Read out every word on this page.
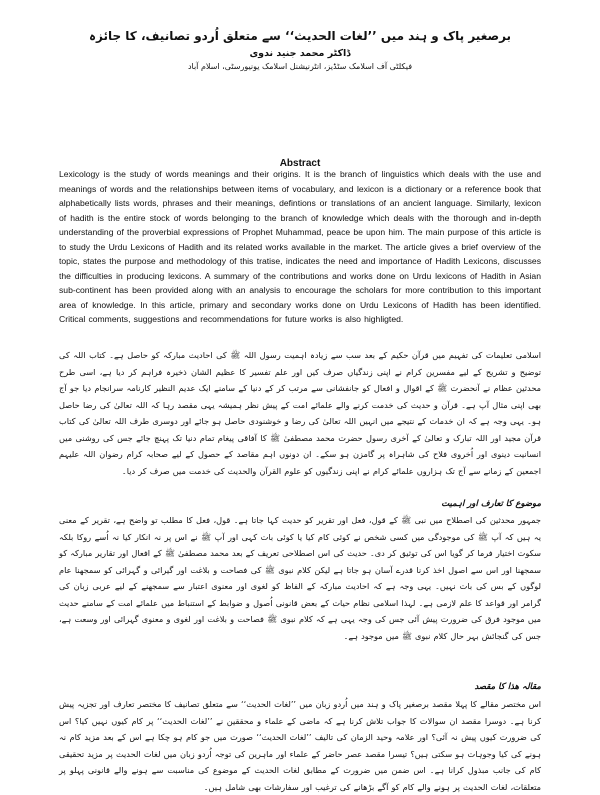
برصغیر پاک و ہند میں ’’لغات الحدیث‘‘ سے متعلق اُردو تصانیف، کا جائزہ
ڈاکٹر محمد جنید ندوی
فیکلٹی آف اسلامک سٹڈیز، انٹرنیشنل اسلامک یونیورسٹی، اسلام آباد
Abstract
Lexicology is the study of words meanings and their origins. It is the branch of linguistics which deals with the use and meanings of words and the relationships between items of vocabulary, and lexicon is a dictionary or a reference book that alphabetically lists words, phrases and their meanings, defintions or translations of an ancient language. Similarly, lexicon of hadith is the entire stock of words belonging to the branch of knowledge which deals with the thorough and in-depth understanding of the proverbial expressions of Prophet Muhammad, peace be upon him. The main purpose of this article is to study the Urdu Lexicons of Hadith and its related works available in the market. The article gives a brief overview of the topic, states the purpose and methodology of this tratise, indicates the need and importance of Hadith Lexicons, discusses the difficulties in producing lexicons. A summary of the contributions and works done on Urdu lexicons of Hadith in Asian sub-continent has been provided along with an analysis to encourage the scholars for more contribution to this important area of knowledge. In this article, primary and secondary works done on Urdu Lexicons of Hadith has been identified. Critical comments, suggestions and recommendations for future works is also highligted.
اسلامی تعلیمات کی تفہیم میں قرآن حکیم کے بعد سب سے زیادہ اہمیت رسول اللہ ﷺ کی احادیث مبارکہ کو حاصل ہے۔ کتاب اللہ کی توضیح و تشریح کے لیے مفسرین کرام نے اپنی زندگیاں صرف کیں اور علم تفسیر کا عظیم الشان ذخیرہ فراہم کر دیا ہے، اسی طرح محدثین عظام نے آنحضرت ﷺ کے اقوال و افعال کو جانفشانی سے مرتب کر کے دنیا کے سامنے ایک عدیم النظیر کارنامہ سرانجام دیا جو آج بھی اپنی مثال آپ ہے۔ قرآن و حدیث کی خدمت کرنے والے علمائے امت کے پیش نظر ہمیشہ یہی مقصد رہا کہ اللہ تعالیٰ کی رضا حاصل ہو۔ یہی وجہ ہے کہ ان خدمات کے نتیجے میں انہیں اللہ تعالیٰ کی رضا و خوشنودی حاصل ہو جائے اور دوسری طرف اللہ تعالیٰ کی کتاب قرآن مجید اور اللہ تبارک و تعالیٰ کے آخری رسول حضرت محمد مصطفیٰ ﷺ کا آفاقی پیغام تمام دنیا تک پہنچ جائے جس کی روشنی میں انسانیت دینوی اور اُخروی فلاح کی شاہراہ پر گامزن ہو سکے۔ ان دونوں اہم مقاصد کے حصول کے لیے صحابہ کرام رضوان اللہ علیہم اجمعین کے زمانے سے آج تک ہزاروں علمائے کرام نے اپنی زندگیوں کو علوم القرآن والحدیث کی خدمت میں صرف کر دیا۔
موضوع کا تعارف اور اہمیت
جمہور محدثین کی اصطلاح میں نبی ﷺ کے قول، فعل اور تقریر کو حدیث کہا جاتا ہے۔ قول، فعل کا مطلب تو واضح ہے، تقریر کے معنی یہ ہیں کہ آپ ﷺ کی موجودگی میں کسی شخص نے کوئی کام کیا یا کوئی بات کہی اور آپ ﷺ نے اس پر نہ انکار کیا نہ اُسے روکا بلکہ سکوت اختیار فرما کر گویا اس کی توثیق کر دی۔ حدیث کی اس اصطلاحی تعریف کے بعد محمد مصطفیٰ ﷺ کے افعال اور تقاریر مبارکہ کو سمجھنا اور اس سے اصول اخذ کرنا قدرے آسان ہو جاتا ہے لیکن کلام نبوی ﷺ کی فصاحت و بلاغت اور گیرائی و گہرائی کو سمجھنا عام لوگوں کے بس کی بات نہیں۔ یہی وجہ ہے کہ احادیث مبارکہ کے الفاظ کو لغوی اور معنوی اعتبار سے سمجھنے کے لیے عربی زبان کی گرامر اور قواعد کا علم لازمی ہے۔ لہذا اسلامی نظام حیات کے بعض قانونی اُصول و ضوابط کے استنباط میں علمائے امت کے سامنے حدیث میں موجود فرق کی ضرورت پیش آئی جس کی وجہ یہی ہے کہ کلام نبوی ﷺ فصاحت و بلاغت اور لغوی و معنوی گہرائی اور وسعت ہے، جس کی گنجائش بہر حال کلام نبوی ﷺ میں موجود ہے۔
مقالہ ھذا کا مقصد
اس مختصر مقالے کا پہلا مقصد برصغیر پاک و ہند میں اُردو زبان میں ’’لغات الحدیث‘‘ سے متعلق تصانیف کا مختصر تعارف اور تجزیہ پیش کرنا ہے۔ دوسرا مقصد ان سوالات کا جواب تلاش کرنا ہے کہ ماضی کے علماء و محققین نے ’’لغات الحدیث‘‘ پر کام کیوں نہیں کیا؟ اس کی ضرورت کیوں پیش نہ آئی؟ اور علامہ وحید الزمان کی تالیف ’’لغات الحدیث‘‘ صورت میں جو کام ہو چکا ہے اس کے بعد مزید کام نہ ہونے کی کیا وجوہات ہو سکتی ہیں؟ تیسرا مقصد عصر حاضر کے علماء اور ماہرین کی توجہ اُردو زبان میں لغات الحدیث پر مزید تحقیقی کام کی جانب مبذول کرانا ہے۔ اس ضمن میں ضرورت کے مطابق لغات الحدیث کے موضوع کی مناسبت سے ہونے والے قانونی پہلو پر متعلقات، لغات الحدیث پر ہونے والے کام کو آگے بڑھانے کی ترغیب اور سفارشات بھی شامل ہیں۔
